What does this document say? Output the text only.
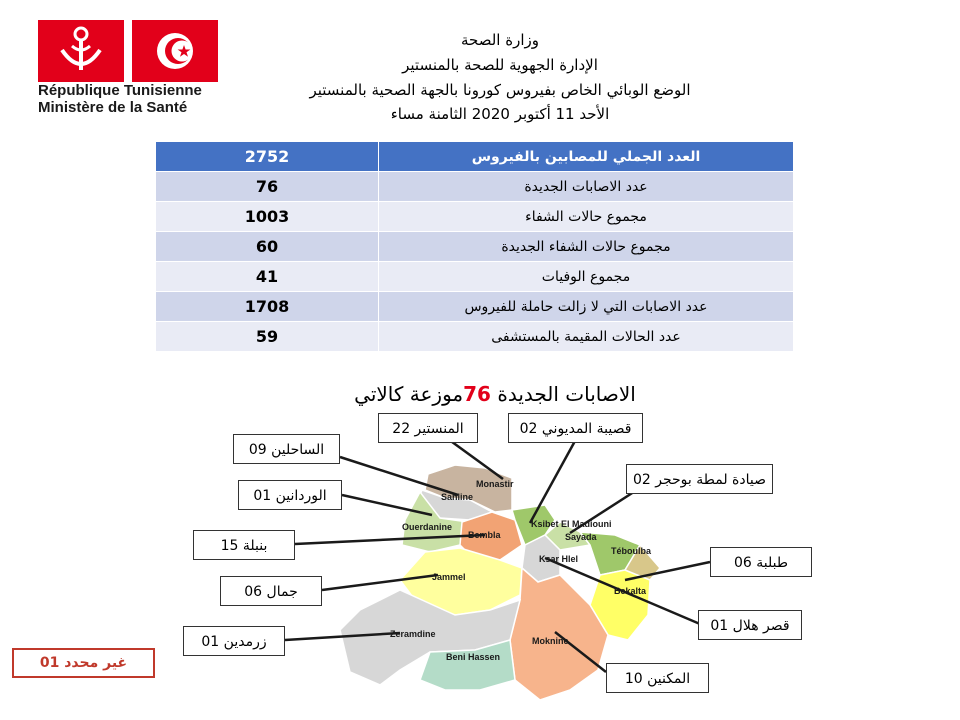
République Tunisienne
Ministère de la Santé
وزارة الصحة
الإدارة الجهوية للصحة بالمنستير
الوضع الوبائي الخاص بفيروس كورونا بالجهة الصحية بالمنستير
الأحد 11 أكتوبر 2020 الثامنة مساء
2752	العدد الجملي للمصابين بالفيروس
76	عدد الاصابات الجديدة
1003	مجموع حالات الشفاء
60	مجموع حالات الشفاء الجديدة
41	مجموع الوفيات
1708	عدد الاصابات التي لا زالت حاملة للفيروس
59	عدد الحالات المقيمة بالمستشفى
الاصابات الجديدة 76موزعة كالاتي
Monastir
Sahline
Ouerdanine
Bembla
Ksibet El Madiouni
Sayada
Téboulba
Ksar Hlel
Bekalta
Jammel
Zeramdine
Moknine
Beni Hassen
الساحلين 09
المنستير 22	قصيبة المديوني 02
الوردانين 01
صيادة لمطة بوحجر 02
بنبلة 15
طبلبة 06
جمال 06
قصر هلال 01
زرمدين 01
المكنين 10
غير محدد 01
